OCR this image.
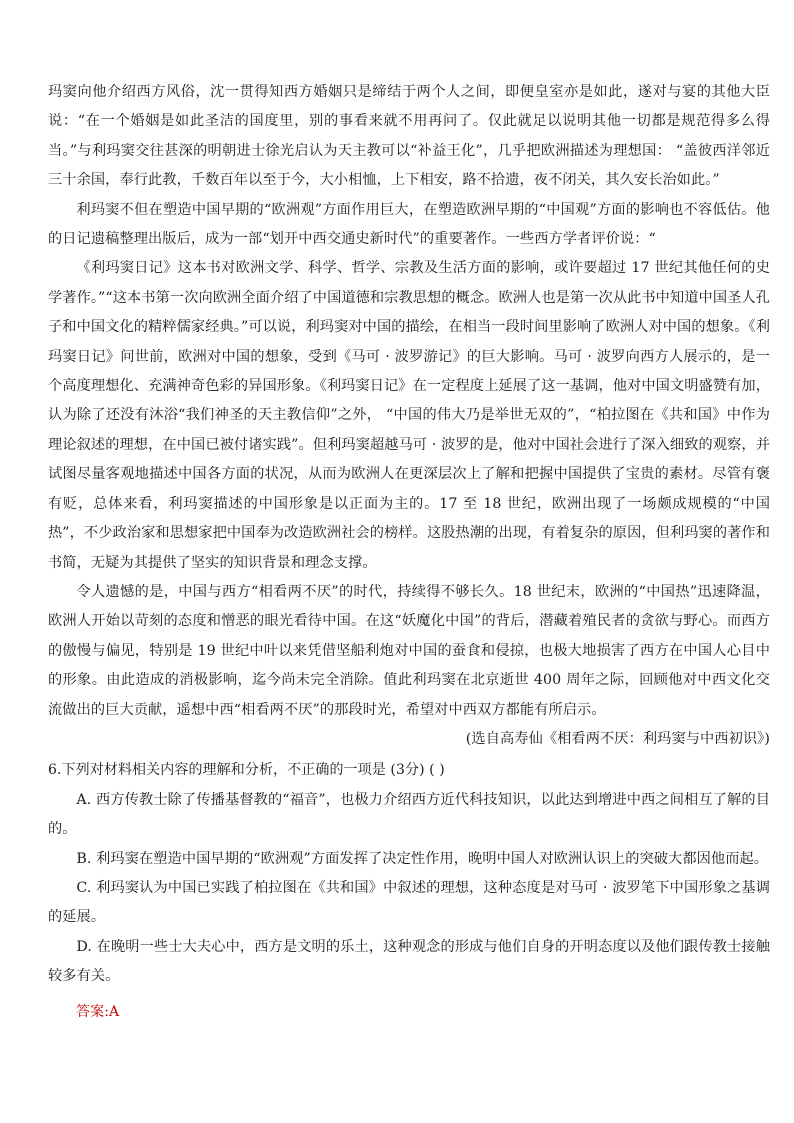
玛窦向他介绍西方风俗，沈一贯得知西方婚姻只是缔结于两个人之间，即便皇室亦是如此，遂对与宴的其他大臣说：“在一个婚姻是如此圣洁的国度里，别的事看来就不用再问了。仅此就足以说明其他一切都是规范得多么得当。”与利玛窦交往甚深的明朝进士徐光启认为天主教可以“补益王化”，几乎把欧洲描述为理想国： “盖彼西洋邻近三十余国，奉行此教，千数百年以至于今，大小相恤，上下相安，路不拾遗，夜不闭关，其久安长治如此。”

利玛窦不但在塑造中国早期的“欧洲观”方面作用巨大，在塑造欧洲早期的“中国观”方面的影响也不容低估。他的日记遗稿整理出版后，成为一部“划开中西交通史新时代”的重要著作。一些西方学者评价说：“

《利玛窦日记》这本书对欧洲文学、科学、哲学、宗教及生活方面的影响，或许要超过 17 世纪其他任何的史学著作。”“这本书第一次向欧洲全面介绍了中国道德和宗教思想的概念。欧洲人也是第一次从此书中知道中国圣人孔子和中国文化的精粹儒家经典。”可以说，利玛窦对中国的描绘，在相当一段时间里影响了欧洲人对中国的想象。《利玛窦日记》问世前，欧洲对中国的想象，受到《马可 · 波罗游记》的巨大影响。马可 · 波罗向西方人展示的，是一个高度理想化、充满神奇色彩的异国形象。《利玛窦日记》在一定程度上延展了这一基调，他对中国文明盛赞有加，认为除了还没有沐浴“我们神圣的天主教信仰”之外， “中国的伟大乃是举世无双的”，“柏拉图在《共和国》中作为理论叙述的理想，在中国已被付诸实践”。但利玛窦超越马可 · 波罗的是，他对中国社会进行了深入细致的观察，并试图尽量客观地描述中国各方面的状况，从而为欧洲人在更深层次上了解和把握中国提供了宝贵的素材。尽管有褒有贬，总体来看，利玛窦描述的中国形象是以正面为主的。17 至 18 世纪，欧洲出现了一场颇成规模的“中国热”，不少政治家和思想家把中国奉为改造欧洲社会的榜样。这股热潮的出现，有着复杂的原因，但利玛窦的著作和书简，无疑为其提供了坚实的知识背景和理念支撑。

令人遗憾的是，中国与西方“相看两不厌”的时代，持续得不够长久。18 世纪末，欧洲的“中国热”迅速降温，欧洲人开始以苛刻的态度和憎恶的眼光看待中国。在这“妖魔化中国”的背后，潜藏着殖民者的贪欲与野心。而西方的傲慢与偏见，特别是 19 世纪中叶以来凭借坚船利炮对中国的蚕食和侵掠，也极大地损害了西方在中国人心目中的形象。由此造成的消极影响，迄今尚未完全消除。值此利玛窦在北京逝世 400 周年之际，回顾他对中西文化交流做出的巨大贡献，遥想中西“相看两不厌”的那段时光，希望对中西双方都能有所启示。

(选自高寿仙《相看两不厌：利玛窦与中西初识》)

6.下列对材料相关内容的理解和分析，不正确的一项是 (3分) ( )

A. 西方传教士除了传播基督教的“福音”，也极力介绍西方近代科技知识，以此达到增进中西之间相互了解的目的。

B. 利玛窦在塑造中国早期的“欧洲观”方面发挥了决定性作用，晚明中国人对欧洲认识上的突破大都因他而起。

C. 利玛窦认为中国已实践了柏拉图在《共和国》中叙述的理想，这种态度是对马可 · 波罗笔下中国形象之基调的延展。

D. 在晚明一些士大夫心中，西方是文明的乐土，这种观念的形成与他们自身的开明态度以及他们跟传教士接触较多有关。

答案:A
